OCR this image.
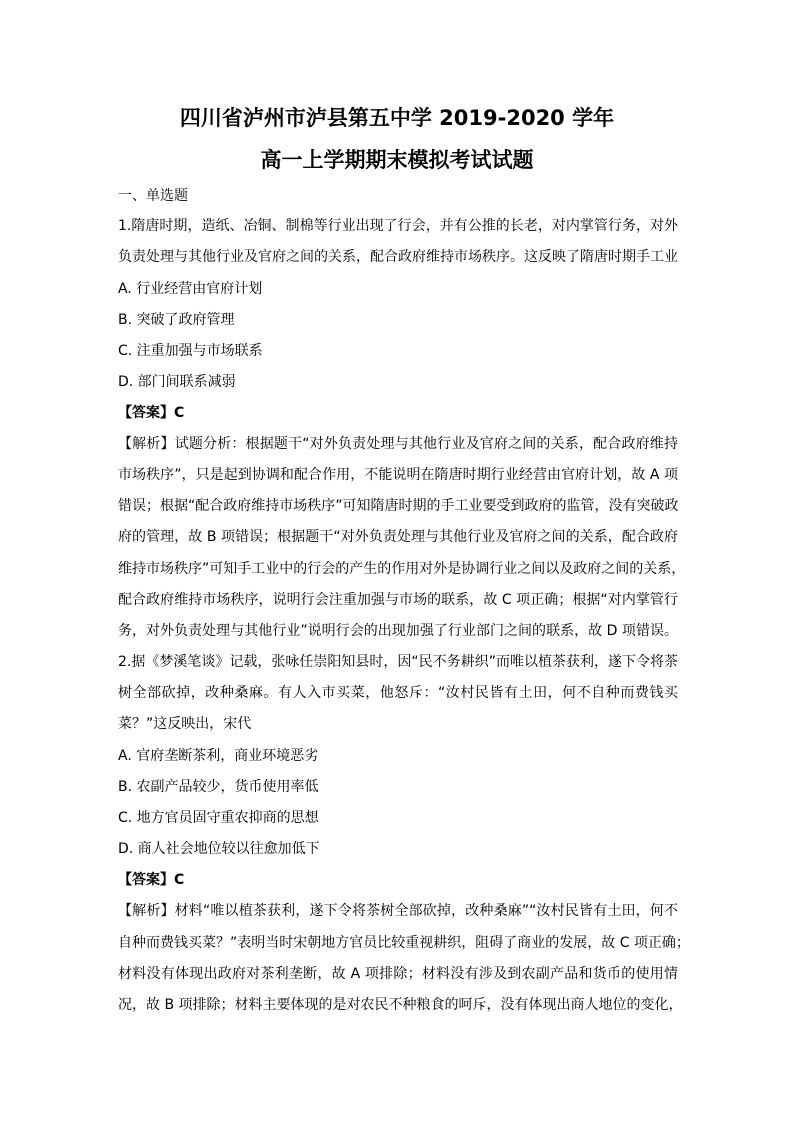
四川省泸州市泸县第五中学 2019-2020 学年
高一上学期期末模拟考试试题
一、单选题
1.隋唐时期，造纸、冶铜、制棉等行业出现了行会，并有公推的长老，对内掌管行务，对外
负责处理与其他行业及官府之间的关系，配合政府维持市场秩序。这反映了隋唐时期手工业
A. 行业经营由官府计划
B. 突破了政府管理
C. 注重加强与市场联系
D. 部门间联系减弱
【答案】C
【解析】试题分析：根据题干“对外负责处理与其他行业及官府之间的关系，配合政府维持
市场秩序”，只是起到协调和配合作用，不能说明在隋唐时期行业经营由官府计划，故 A 项
错误；根据“配合政府维持市场秩序”可知隋唐时期的手工业要受到政府的监管，没有突破政
府的管理，故 B 项错误；根据题干“对外负责处理与其他行业及官府之间的关系，配合政府
维持市场秩序”可知手工业中的行会的产生的作用对外是协调行业之间以及政府之间的关系，
配合政府维持市场秩序，说明行会注重加强与市场的联系，故 C 项正确；根据“对内掌管行
务，对外负责处理与其他行业”说明行会的出现加强了行业部门之间的联系，故 D 项错误。
2.据《梦溪笔谈》记载，张咏任崇阳知县时，因“民不务耕织”而唯以植茶获利，遂下令将茶
树全部砍掉，改种桑麻。有人入市买菜，他怒斥：“汝村民皆有土田，何不自种而费钱买
菜？”这反映出，宋代
A. 官府垄断茶利，商业环境恶劣
B. 农副产品较少，货币使用率低
C. 地方官员固守重农抑商的思想
D. 商人社会地位较以往愈加低下
【答案】C
【解析】材料“唯以植茶获利，遂下令将茶树全部砍掉，改种桑麻”“汝村民皆有土田，何不
自种而费钱买菜？”表明当时宋朝地方官员比较重视耕织，阻碍了商业的发展，故 C 项正确；
材料没有体现出政府对茶利垄断，故 A 项排除；材料没有涉及到农副产品和货币的使用情
况，故 B 项排除；材料主要体现的是对农民不种粮食的呵斥，没有体现出商人地位的变化，
